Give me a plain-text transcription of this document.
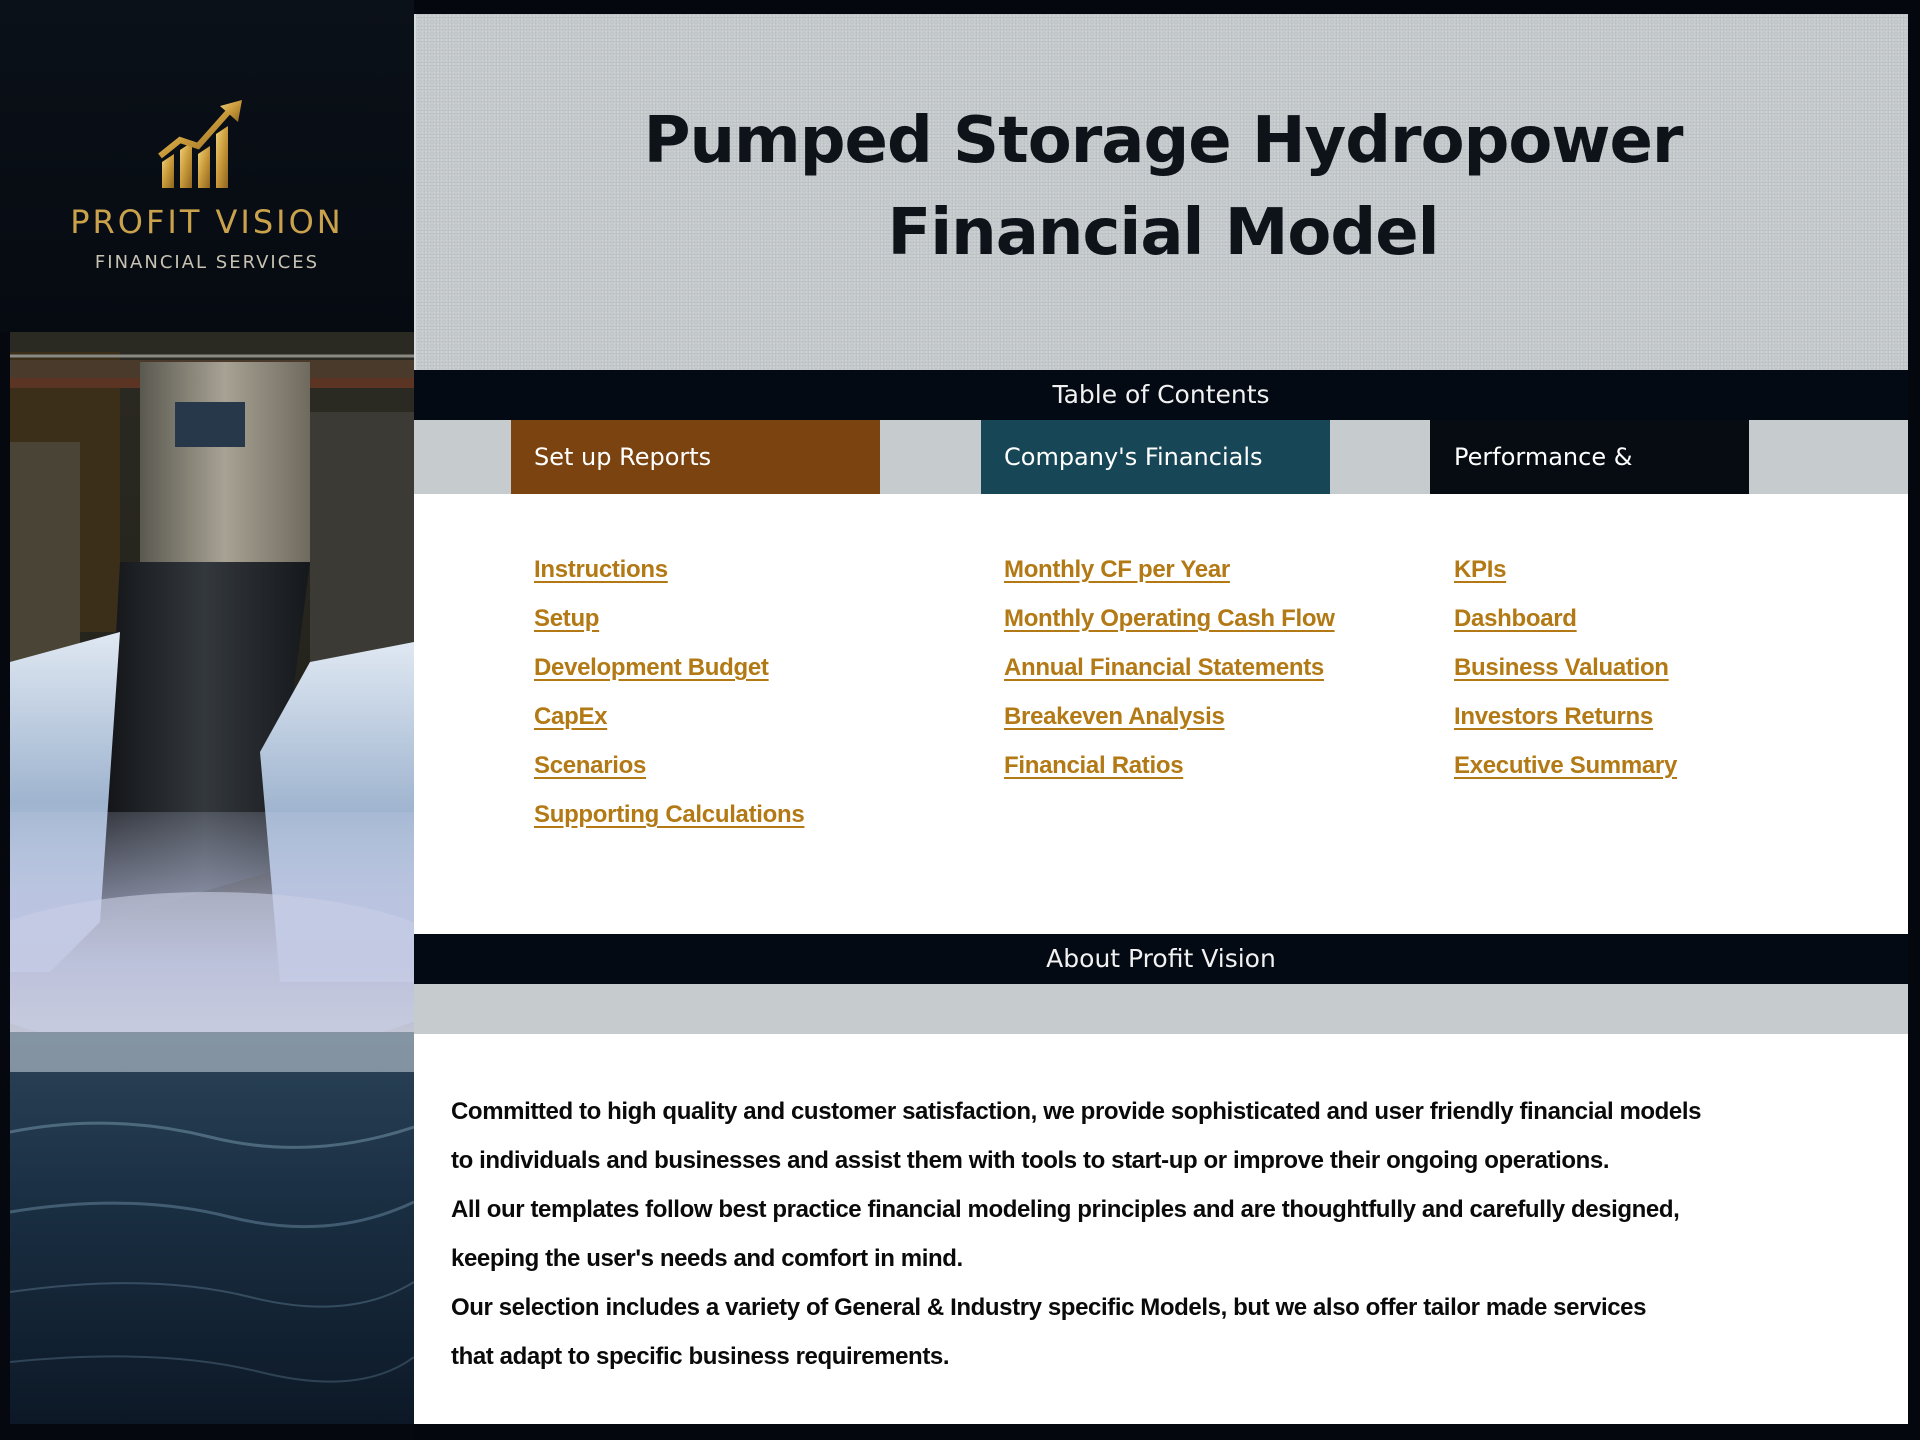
PROFIT VISION
FINANCIAL SERVICES
Pumped Storage Hydropower
Financial Model
Table of Contents
Set up Reports	Company's Financials	Performance &
Instructions
Setup
Development Budget
CapEx
Scenarios
Supporting Calculations
Monthly CF per Year
Monthly Operating Cash Flow
Annual Financial Statements
Breakeven Analysis
Financial Ratios
KPIs
Dashboard
Business Valuation
Investors Returns
Executive Summary
About Profit Vision
Committed to high quality and customer satisfaction, we provide sophisticated and user friendly financial models
to individuals and businesses and assist them with tools to start-up or improve their ongoing operations.
All our templates follow best practice financial modeling principles and are thoughtfully and carefully designed,
keeping the user's needs and comfort in mind.
Our selection includes a variety of General & Industry specific Models, but we also offer tailor made services
that adapt to specific business requirements.
